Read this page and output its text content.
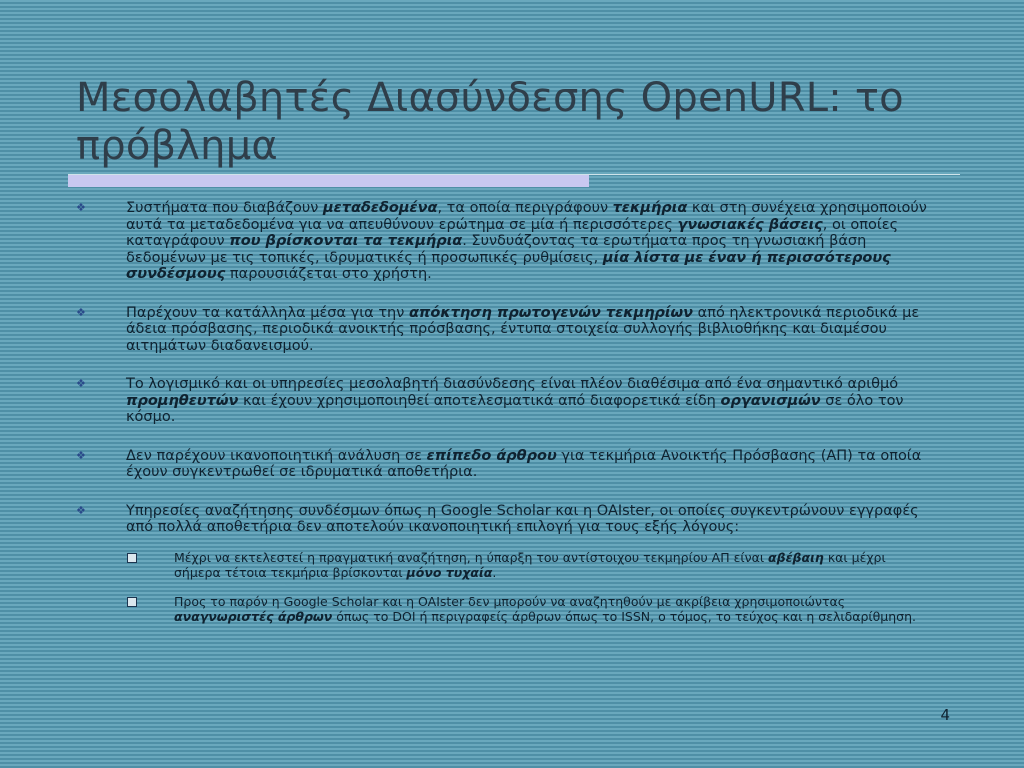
Μεσολαβητές Διασύνδεσης OpenURL: το πρόβλημα
❖	Συστήματα που διαβάζουν μεταδεδομένα, τα οποία περιγράφουν τεκμήρια και στη συνέχεια χρησιμοποιούν αυτά τα μεταδεδομένα για να απευθύνουν ερώτημα σε μία ή περισσότερες γνωσιακές βάσεις, οι οποίες καταγράφουν που βρίσκονται τα τεκμήρια. Συνδυάζοντας τα ερωτήματα προς τη γνωσιακή βάση δεδομένων με τις τοπικές, ιδρυματικές ή προσωπικές ρυθμίσεις, μία λίστα με έναν ή περισσότερους συνδέσμους παρουσιάζεται στο χρήστη.
❖	Παρέχουν τα κατάλληλα μέσα για την απόκτηση πρωτογενών τεκμηρίων από ηλεκτρονικά περιοδικά με άδεια πρόσβασης, περιοδικά ανοικτής πρόσβασης, έντυπα στοιχεία συλλογής βιβλιοθήκης και διαμέσου αιτημάτων διαδανεισμού.
❖	Το λογισμικό και οι υπηρεσίες μεσολαβητή διασύνδεσης είναι πλέον διαθέσιμα από ένα σημαντικό αριθμό προμηθευτών και έχουν χρησιμοποιηθεί αποτελεσματικά από διαφορετικά είδη οργανισμών σε όλο τον κόσμο.
❖	Δεν παρέχουν ικανοποιητική ανάλυση σε επίπεδο άρθρου για τεκμήρια Ανοικτής Πρόσβασης (ΑΠ) τα οποία έχουν συγκεντρωθεί σε ιδρυματικά αποθετήρια.
❖	Υπηρεσίες αναζήτησης συνδέσμων όπως η Google Scholar και η OAIster, οι οποίες συγκεντρώνουν εγγραφές από πολλά αποθετήρια δεν αποτελούν ικανοποιητική επιλογή για τους εξής λόγους:
Μέχρι να εκτελεστεί η πραγματική αναζήτηση, η ύπαρξη του αντίστοιχου τεκμηρίου ΑΠ είναι αβέβαιη και μέχρι σήμερα τέτοια τεκμήρια βρίσκονται μόνο τυχαία.
Προς το παρόν η Google Scholar και η OAIster δεν μπορούν να αναζητηθούν με ακρίβεια χρησιμοποιώντας αναγνωριστές άρθρων όπως το DOI ή περιγραφείς άρθρων όπως το ISSN, ο τόμος, το τεύχος και η σελιδαρίθμηση.
4
